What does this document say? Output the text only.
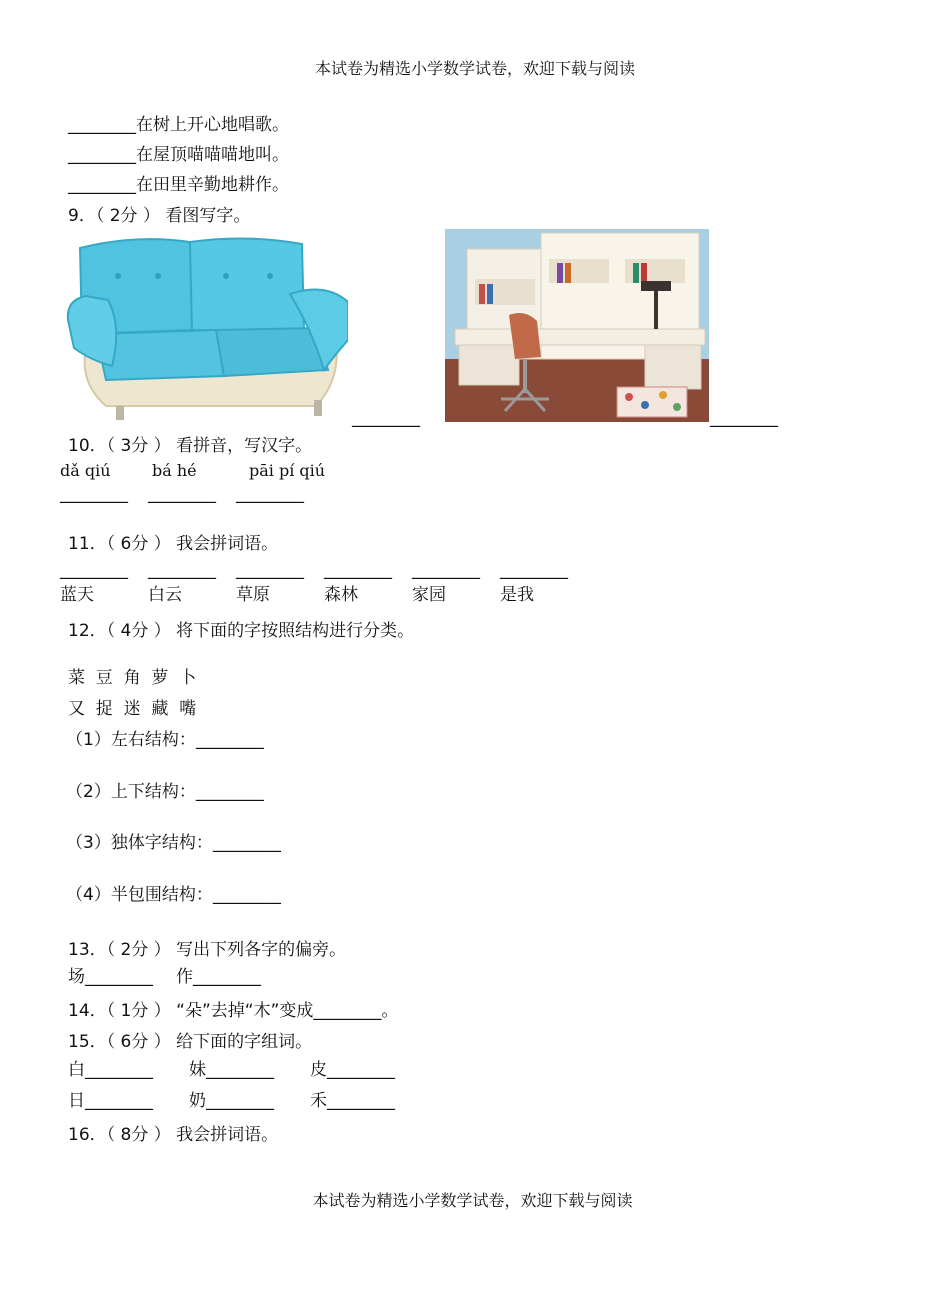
本试卷为精选小学数学试卷，欢迎下载与阅读
________在树上开心地唱歌。
________在屋顶喵喵喵地叫。
________在田里辛勤地耕作。
9．（ 2分 ） 看图写字。
________	________
10．（ 3分 ） 看拼音，写汉字。
dǎ qiú	bá hé	pāi pí qiú
________ ________ ________
11．（ 6分 ） 我会拼词语。
________ ________ ________ ________ ________ ________
蓝天	白云	草原	森林	家园	是我
12．（ 4分 ） 将下面的字按照结构进行分类。
菜  豆  角  萝  卜
又  捉  迷  藏  嘴
（1）左右结构：________
（2）上下结构：________
（3）独体字结构：________
（4）半包围结构：________
13．（ 2分 ） 写出下列各字的偏旁。
场________ 作________
14．（ 1分 ） “朵”去掉“木”变成________。
15．（ 6分 ） 给下面的字组词。
白________ 妹________ 皮________
日________ 奶________ 禾________
16．（ 8分 ） 我会拼词语。
本试卷为精选小学数学试卷，欢迎下载与阅读
